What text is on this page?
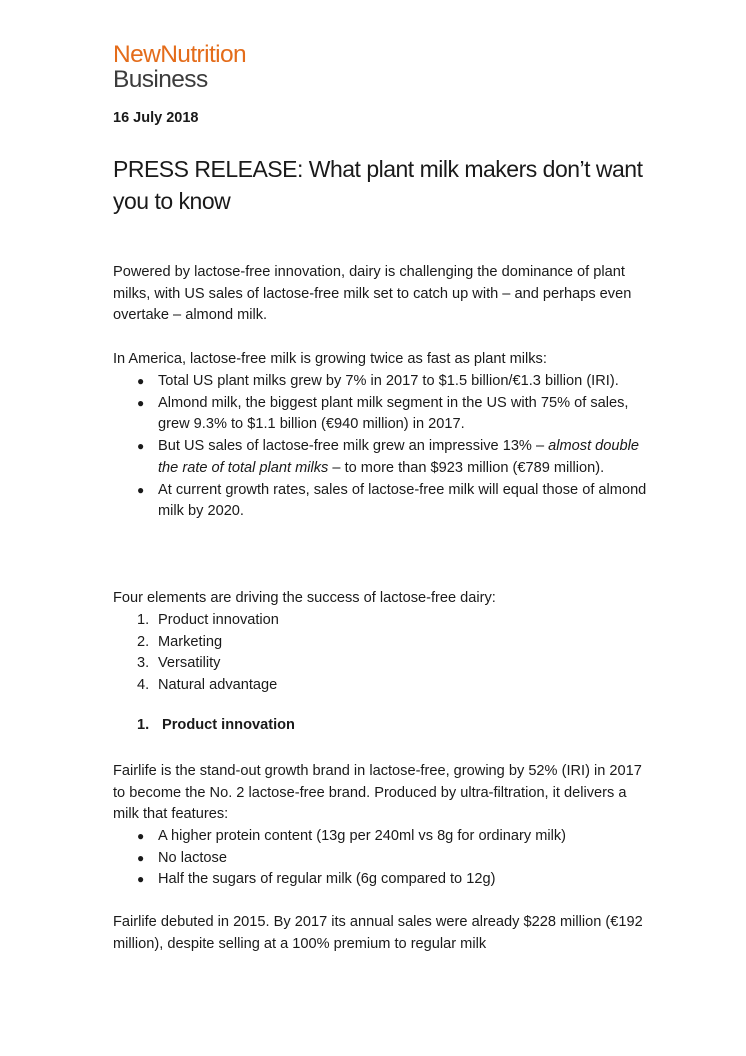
NewNutrition
Business
16 July 2018
PRESS RELEASE: What plant milk makers don’t want you to know

Powered by lactose-free innovation, dairy is challenging the dominance of plant milks, with US sales of lactose-free milk set to catch up with – and perhaps even overtake – almond milk.

In America, lactose-free milk is growing twice as fast as plant milks:

● Total US plant milks grew by 7% in 2017 to $1.5 billion/€1.3 billion (IRI).
● Almond milk, the biggest plant milk segment in the US with 75% of sales, grew 9.3% to $1.1 billion (€940 million) in 2017.
● But US sales of lactose-free milk grew an impressive 13% – almost double the rate of total plant milks – to more than $923 million (€789 million).
● At current growth rates, sales of lactose-free milk will equal those of almond milk by 2020.

Four elements are driving the success of lactose-free dairy:

1. Product innovation
2. Marketing
3. Versatility
4. Natural advantage
1. Product innovation

Fairlife is the stand-out growth brand in lactose-free, growing by 52% (IRI) in 2017 to become the No. 2 lactose-free brand. Produced by ultra-filtration, it delivers a milk that features:

● A higher protein content (13g per 240ml vs 8g for ordinary milk)
● No lactose
● Half the sugars of regular milk (6g compared to 12g)

Fairlife debuted in 2015. By 2017 its annual sales were already $228 million (€192 million), despite selling at a 100% premium to regular milk
